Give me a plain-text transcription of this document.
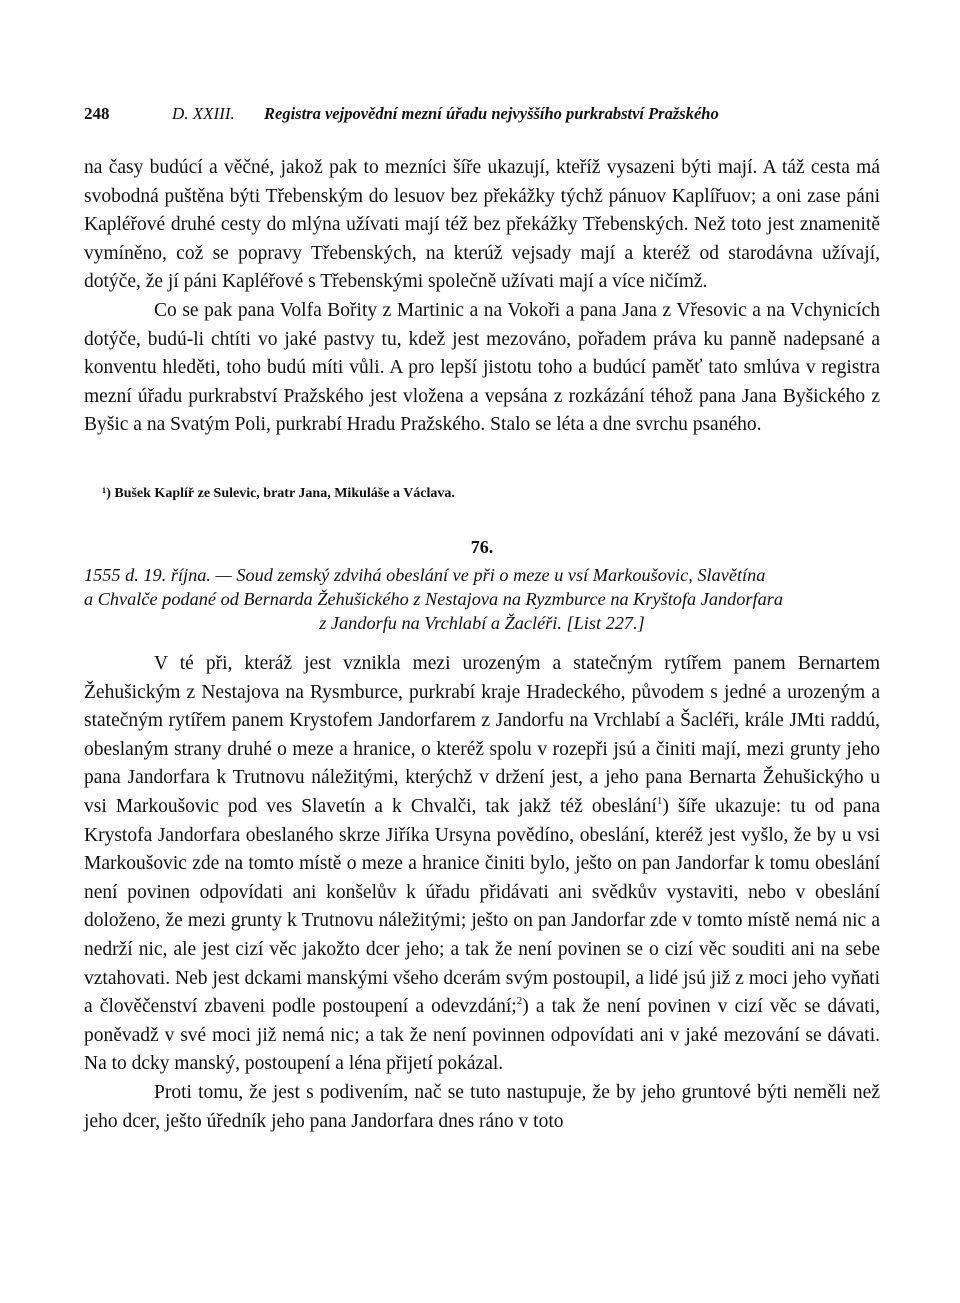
248	D. XXIII. Registra vejpovědní mezní úřadu nejvyššího purkrabství Pražského

na časy budúcí a věčné, jakož pak to mezníci šíře ukazují, kteříž vysazeni býti mají. A táž cesta má svobodná puštěna býti Třebenským do lesuov bez překážky týchž pánuov Kaplířuov; a oni zase páni Kapléřové druhé cesty do mlýna užívati mají též bez překážky Třebenských. Než toto jest znamenitě vymíněno, což se popravy Třebenských, na kterúž vejsady mají a kteréž od starodávna užívají, dotýče, že jí páni Kapléřové s Třebenskými společně užívati mají a více ničímž.

Co se pak pana Volfa Bořity z Martinic a na Vokoři a pana Jana z Vřesovic a na Vchynicích dotýče, budú-li chtíti vo jaké pastvy tu, kdež jest mezováno, pořadem práva ku panně nadepsané a konventu hleděti, toho budú míti vůli. A pro lepší jistotu toho a budúcí paměť tato smlúva v registra mezní úřadu purkrabství Pražského jest vložena a vepsána z rozkázání téhož pana Jana Byšického z Byšic a na Svatým Poli, purkrabí Hradu Pražského. Stalo se léta a dne svrchu psaného.

¹) Bušek Kaplíř ze Sulevic, bratr Jana, Mikuláše a Václava.
76.
1555 d. 19. října. — Soud zemský zdvihá obeslání ve při o meze u vsí Markoušovic, Slavětína
a Chvalče podané od Bernarda Žehušického z Nestajova na Ryzmburce na Kryštofa Jandorfara
z Jandorfu na Vrchlabí a Žacléři. [List 227.]

V té při, kteráž jest vznikla mezi urozeným a statečným rytířem panem Bernartem Žehušickým z Nestajova na Rysmburce, purkrabí kraje Hradeckého, původem s jedné a urozeným a statečným rytířem panem Krystofem Jandorfarem z Jandorfu na Vrchlabí a Šacléři, krále JMti raddú, obeslaným strany druhé o meze a hranice, o kteréž spolu v rozepři jsú a činiti mají, mezi grunty jeho pana Jandorfara k Trutnovu náležitými, kterýchž v držení jest, a jeho pana Bernarta Žehušickýho u vsi Markoušovic pod ves Slavetín a k Chvalči, tak jakž též obeslání$^1$) šíře ukazuje: tu od pana Krystofa Jandorfara obeslaného skrze Jiříka Ursyna povědíno, obeslání, kteréž jest vyšlo, že by u vsi Markoušovic zde na tomto místě o meze a hranice činiti bylo, ješto on pan Jandorfar k tomu obeslání není povinen odpovídati ani konšelův k úřadu přidávati ani svědkův vystaviti, nebo v obeslání doloženo, že mezi grunty k Trutnovu náležitými; ješto on pan Jandorfar zde v tomto místě nemá nic a nedrží nic, ale jest cizí věc jakožto dcer jeho; a tak že není povinen se o cizí věc souditi ani na sebe vztahovati. Neb jest dckami manskými všeho dcerám svým postoupil, a lidé jsú již z moci jeho vyňati a člověčenství zbaveni podle postoupení a odevzdání;$^2$) a tak že není povinen v cizí věc se dávati, poněvadž v své moci již nemá nic; a tak že není povinnen odpovídati ani v jaké mezování se dávati. Na to dcky manský, postoupení a léna přijetí pokázal.

Proti tomu, že jest s podivením, nač se tuto nastupuje, že by jeho gruntové býti neměli než jeho dcer, ješto úředník jeho pana Jandorfara dnes ráno v toto
